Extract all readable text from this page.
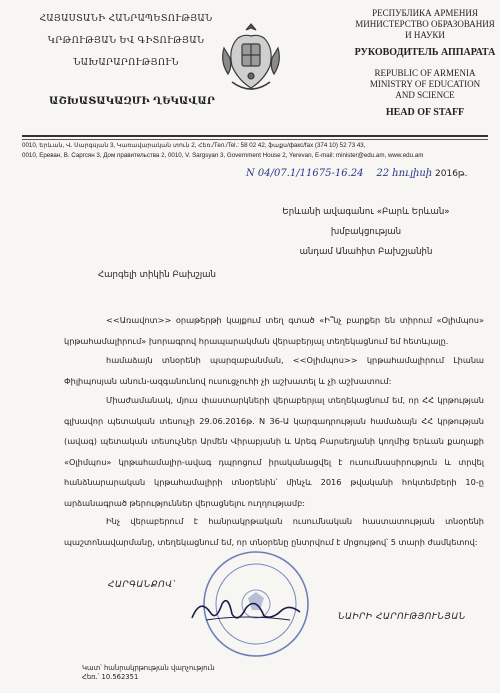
ՀԱՅԱՍՏԱՆԻ ՀԱՆՐԱՊԵՏՈՒԹՅԱՆ
ԿՐԹՈՒԹՅԱՆ ԵՎ ԳԻՏՈՒԹՅԱՆ
ՆԱԽԱՐԱՐՈՒԹՅՈՒՆ
ԱՇԽԱՏԱԿԱԶՄԻ ՂԵԿԱՎԱՐ
РЕСПУБЛИКА АРМЕНИЯ
МИНИСТЕРСТВО ОБРАЗОВАНИЯ
И НАУКИ
РУКОВОДИТЕЛЬ АППАРАТА
REPUBLIC OF ARMENIA
MINISTRY OF EDUCATION
AND SCIENCE
HEAD OF STAFF
0010, Երևան, Վ. Սարգսյան 3, Կառավարական տուն 2, Հեռ./Тел./Tel.: 58 02 42, ֆաքս/факс/fax (374 10) 52 73 43,
0010, Ереван, В. Саргсян 3, Дом правительства 2, 0010, V. Sargsyan 3, Government House 2, Yerevan, E-mail: minister@edu.am, www.edu.am
N 04/07.1/11675-16.24 22 հուլիսի 2016թ.
Երևանի ավագանու «Բարև Երևան» խմբակցության
անդամ Անահիտ Բախշյանին
Հարգելի տիկին Բախշյան

<<Առավոտ>> օրաթերթի կայքում տեղ գտած «Ի՞նչ բարքեր են տիրում «Օլիմպոս» կրթահամալիրում» խորագրով հրապարակման վերաբերյալ տեղեկացնում եմ հետևյալը.

համաձայն տնօրենի պարզաբանման, <<Օլիմպոս>> կրթահամալիրում Լիանա Փիլիպոսյան անուն-ազգանունով ուսուցչուհի չի աշխատել և չի աշխատում:

Միաժամանակ, մյուս փաստարկների վերաբերյալ տեղեկացնում եմ, որ ՀՀ կրթության գլխավոր պետական տեսուչի 29.06.2016թ. N 36-Ա կարգադրության համաձայն ՀՀ կրթության (ավագ) պետական տեսուչներ Արմեն Վիրաբյանի և Արեգ Բարսեղյանի կողմից Երևան քաղաքի «Օլիմպոս» կրթահամալիր-ավագ դպրոցում իրականացվել է ուսումնասիրություն և տրվել հանձնարարական կրթահամալիրի տնօրենին՝ մինչև 2016 թվականի հոկտեմբերի 10-ը արձանագրած թերություններ վերացնելու ուղղությամբ:

Ինչ վերաբերում է հանրակրթական ուսումնական հաստատության տնօրենի պաշտոնավարմանը, տեղեկացնում եմ, որ տնօրենը ընտրվում է մրցույթով՝ 5 տարի ժամկետով:

ՀԱՐԳԱՆՔՈՎ՝
ՆԱԻՐԻ ՀԱՐՈՒԹՅՈՒՆՅԱՆ
Կատ՝ հանրակրթության վարչություն
Հեռ.՝ 10.562351
